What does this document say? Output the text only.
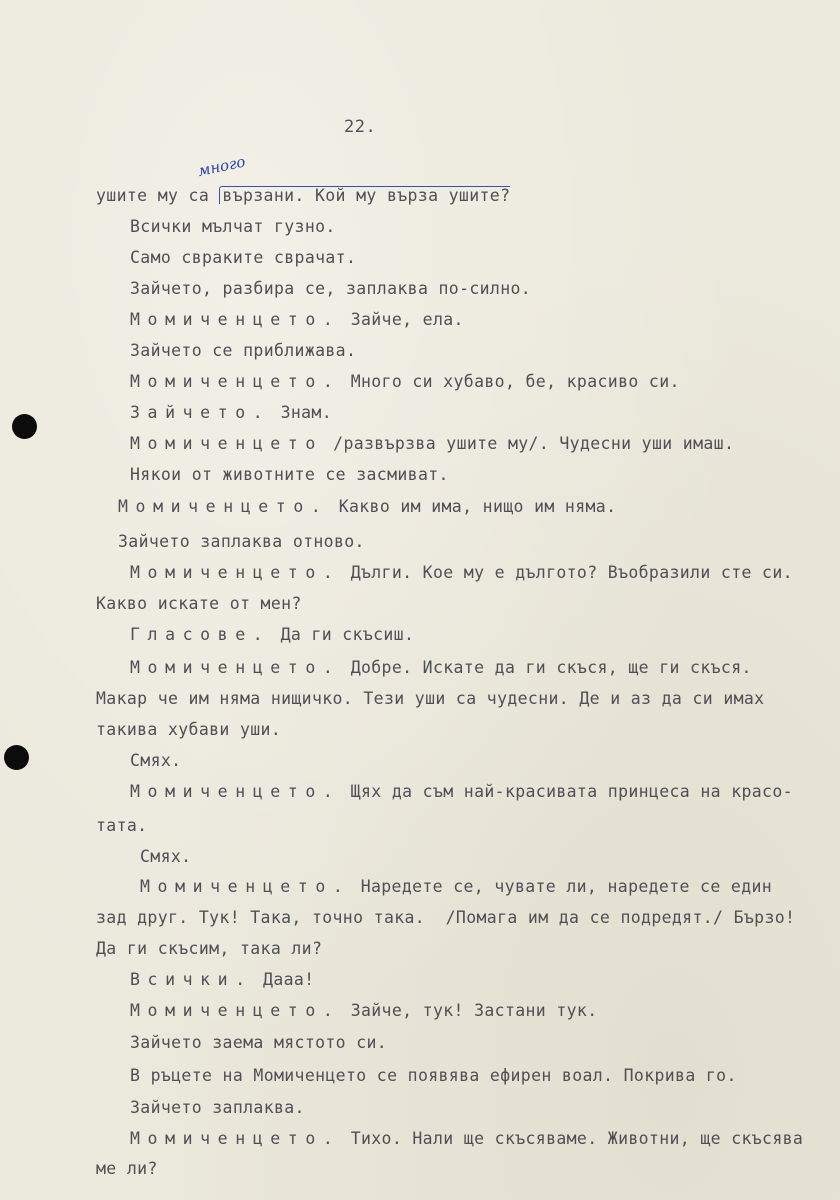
22.
много
ушите му са вързани. Кой му върза ушите?
Всички мълчат гузно.
Само свраките сврачат.
Зайчето, разбира се, заплаква по-силно.
Момиченцето. Зайче, ела.
Зайчето се приближава.
Момиченцето. Много си хубаво, бе, красиво си.
Зайчето. Знам.
Момиченцето /развързва ушите му/. Чудесни уши имаш.
Някои от животните се засмиват.
Момиченцето. Какво им има, нищо им няма.
Зайчето заплаква отново.
Момиченцето. Дълги. Кое му е дългото? Въобразили сте си.
Какво искате от мен?
Гласове. Да ги скъсиш.
Момиченцето. Добре. Искате да ги скъся, ще ги скъся.
Макар че им няма нищичко. Тези уши са чудесни. Де и аз да си имах
такива хубави уши.
Смях.
Момиченцето. Щях да съм най-красивата принцеса на красо-
тата.
Смях.
Момиченцето. Наредете се, чувате ли, наредете се един
зад друг. Тук! Така, точно така.  /Помага им да се подредят./ Бързо!
Да ги скъсим, така ли?
Всички. Дааа!
Момиченцето. Зайче, тук! Застани тук.
Зайчето заема мястото си.
В ръцете на Момиченцето се появява ефирен воал. Покрива го.
Зайчето заплаква.
Момиченцето. Тихо. Нали ще скъсяваме. Животни, ще скъсява
ме ли?
